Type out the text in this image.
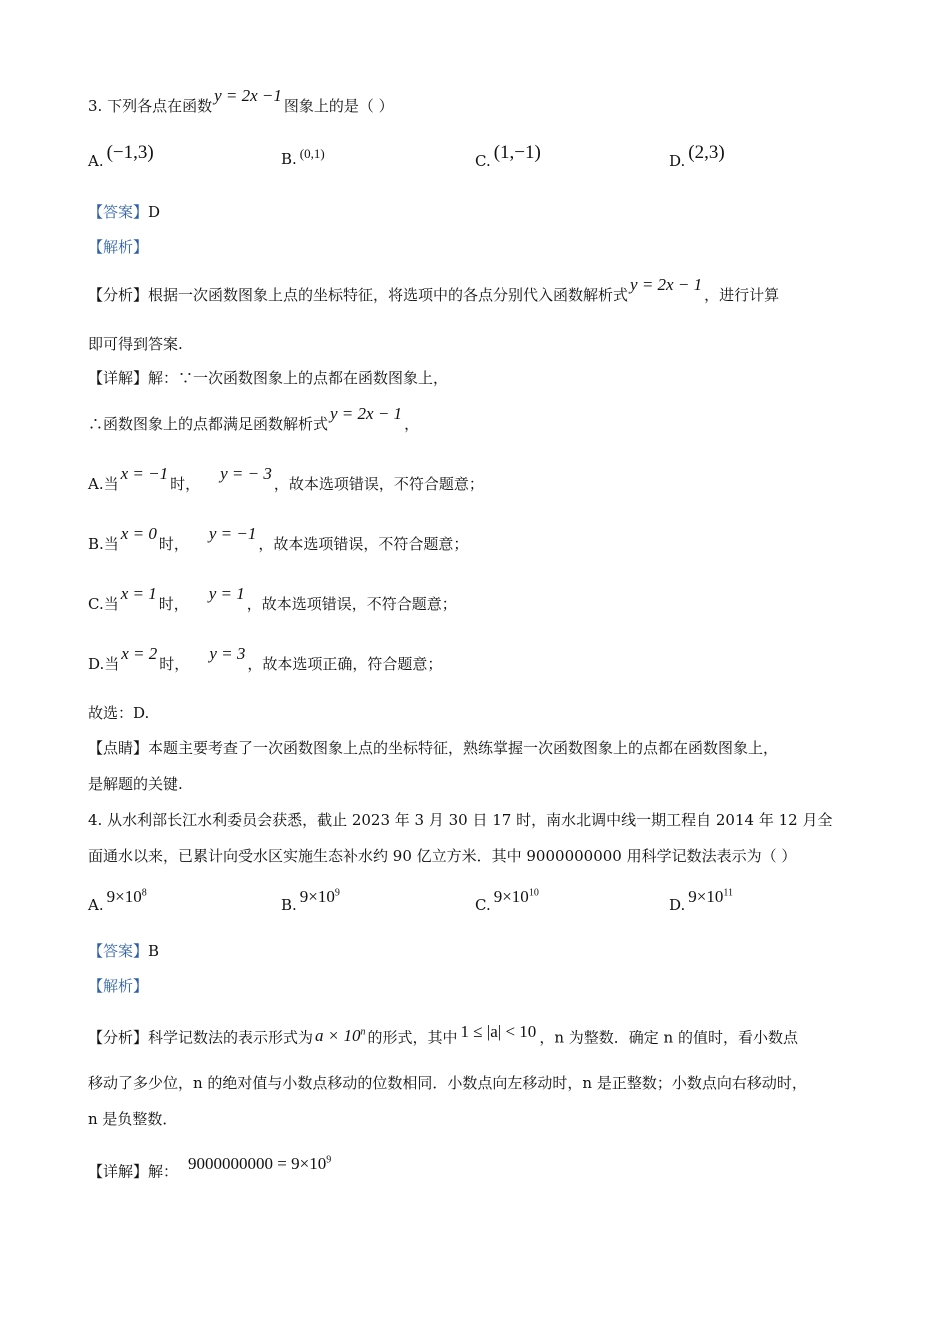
3. 下列各点在函数y = 2x −1图象上的是（ ）
A. (−1,3)	B. (0,1)	C. (1,−1)	D. (2,3)
【答案】D
【解析】
【分析】根据一次函数图象上点的坐标特征，将选项中的各点分别代入函数解析式y = 2x − 1，进行计算
即可得到答案.
【详解】解：∵一次函数图象上的点都在函数图象上，
∴函数图象上的点都满足函数解析式y = 2x − 1，
A.当x = −1时，y = − 3，故本选项错误，不符合题意；
B.当x = 0时，y = −1，故本选项错误，不符合题意；
C.当x = 1时，y = 1，故本选项错误，不符合题意；
D.当x = 2时，y = 3，故本选项正确，符合题意；
故选：D.
【点睛】本题主要考查了一次函数图象上点的坐标特征，熟练掌握一次函数图象上的点都在函数图象上，
是解题的关键.
4. 从水利部长江水利委员会获悉，截止 2023 年 3 月 30 日 17 时，南水北调中线一期工程自 2014 年 12 月全
面通水以来，已累计向受水区实施生态补水约 90 亿立方米．其中 9000000000 用科学记数法表示为（ ）
A. $9\times 10^8$
B. $9\times 10^9$
C. $9\times 10^{10}$
D. $9\times 10^{11}$
【答案】B
【解析】
【分析】科学记数法的表示形式为 $a \times 10^n$ 的形式，其中 1 ≤ |a| < 10 ，n 为整数．确定 n 的值时，看小数点
移动了多少位，n 的绝对值与小数点移动的位数相同．小数点向左移动时，n 是正整数；小数点向右移动时，
n 是负整数．
【详解】解： $9000000000 = 9\times 10^9$
